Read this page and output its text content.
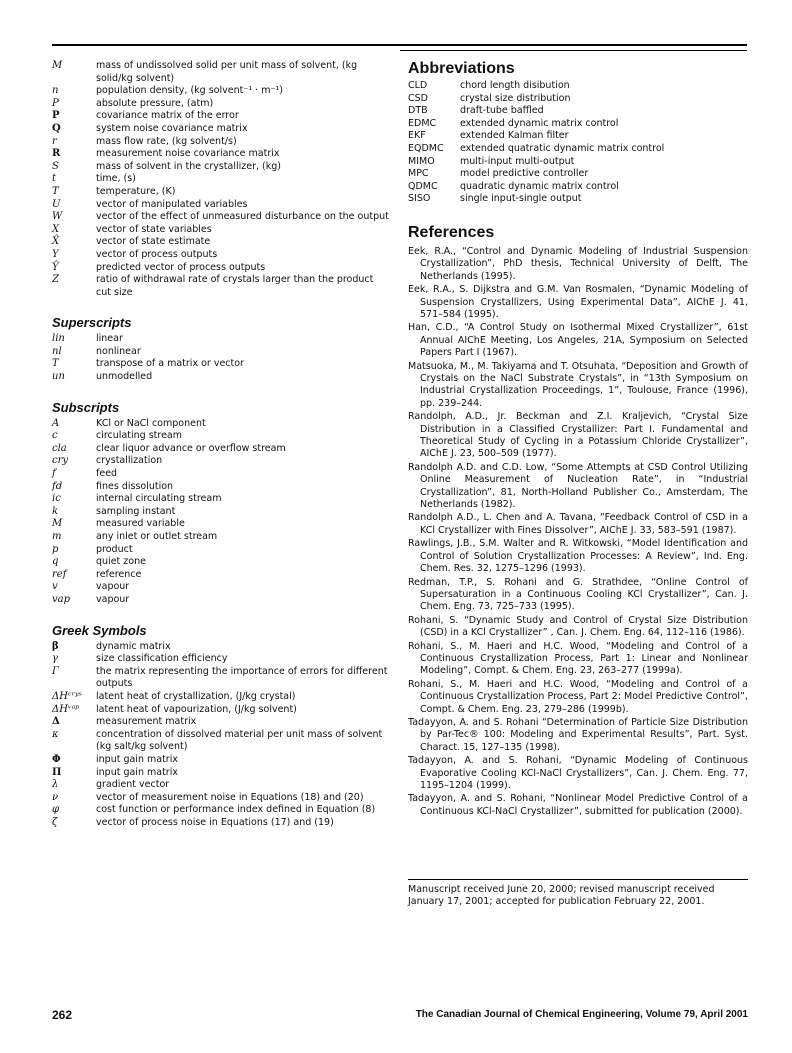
M	mass of undissolved solid per unit mass of solvent, (kg solid/kg solvent)
n	population density, (kg solvent⁻¹ · m⁻¹)
P	absolute pressure, (atm)
P	covariance matrix of the error
Q	system noise covariance matrix
r	mass flow rate, (kg solvent/s)
R	measurement noise covariance matrix
S	mass of solvent in the crystallizer, (kg)
t	time, (s)
T	temperature, (K)
U	vector of manipulated variables
W	vector of the effect of unmeasured disturbance on the output
X	vector of state variables
X̂	vector of state estimate
Y	vector of process outputs
Ŷ	predicted vector of process outputs
Z	ratio of withdrawal rate of crystals larger than the product cut size
Superscripts
lin	linear
nl	nonlinear
T	transpose of a matrix or vector
un	unmodelled
Subscripts
A	KCl or NaCl component
c	circulating stream
cla	clear liquor advance or overflow stream
cry	crystallization
f	feed
fd	fines dissolution
ic	internal circulating stream
k	sampling instant
M	measured variable
m	any inlet or outlet stream
p	product
q	quiet zone
ref	reference
v	vapour
vap	vapour
Greek Symbols
β	dynamic matrix
γ	size classification efficiency
Γ	the matrix representing the importance of errors for different outputs
ΔHᶜʳʸˢ	latent heat of crystallization, (J/kg crystal)
ΔHᵛᵃᵖ	latent heat of vapourization, (J/kg solvent)
Δ	measurement matrix
κ	concentration of dissolved material per unit mass of solvent (kg salt/kg solvent)
Φ	input gain matrix
Π	input gain matrix
λ	gradient vector
ν	vector of measurement noise in Equations (18) and (20)
φ	cost function or performance index defined in Equation (8)
ζ	vector of process noise in Equations (17) and (19)
Abbreviations
CLD	chord length disibution
CSD	crystal size distribution
DTB	draft-tube baffled
EDMC	extended dynamic matrix control
EKF	extended Kalman filter
EQDMC	extended quatratic dynamic matrix control
MIMO	multi-input multi-output
MPC	model predictive controller
QDMC	quadratic dynamic matrix control
SISO	single input-single output
References
Eek, R.A., “Control and Dynamic Modeling of Industrial Suspension Crystallization”, PhD thesis, Technical University of Delft, The Netherlands (1995).
Eek, R.A., S. Dijkstra and G.M. Van Rosmalen, “Dynamic Modeling of Suspension Crystallizers, Using Experimental Data”, AIChE J. 41, 571–584 (1995).
Han, C.D., “A Control Study on Isothermal Mixed Crystallizer”, 61st Annual AIChE Meeting, Los Angeles, 21A, Symposium on Selected Papers Part I (1967).
Matsuoka, M., M. Takiyama and T. Otsuhata, “Deposition and Growth of Crystals on the NaCl Substrate Crystals”, in “13th Symposium on Industrial Crystallization Proceedings, 1”, Toulouse, France (1996), pp. 239–244.
Randolph, A.D., Jr. Beckman and Z.I. Kraljevich, “Crystal Size Distribution in a Classified Crystallizer: Part I. Fundamental and Theoretical Study of Cycling in a Potassium Chloride Crystallizer”, AIChE J. 23, 500–509 (1977).
Randolph A.D. and C.D. Low, “Some Attempts at CSD Control Utilizing Online Measurement of Nucleation Rate”, in “Industrial Crystallization”, 81, North-Holland Publisher Co., Amsterdam, The Netherlands (1982).
Randolph A.D., L. Chen and A. Tavana, “Feedback Control of CSD in a KCl Crystallizer with Fines Dissolver”, AIChE J. 33, 583–591 (1987).
Rawlings, J.B., S.M. Walter and R. Witkowski, “Model Identification and Control of Solution Crystallization Processes: A Review”, Ind. Eng. Chem. Res. 32, 1275–1296 (1993).
Redman, T.P., S. Rohani and G. Strathdee, “Online Control of Supersaturation in a Continuous Cooling KCl Crystallizer”, Can. J. Chem. Eng. 73, 725–733 (1995).
Rohani, S. “Dynamic Study and Control of Crystal Size Distribution (CSD) in a KCl Crystallizer” , Can. J. Chem. Eng. 64, 112–116 (1986).
Rohani, S., M. Haeri and H.C. Wood, “Modeling and Control of a Continuous Crystallization Process, Part 1: Linear and Nonlinear Modeling”, Compt. & Chem. Eng. 23, 263–277 (1999a).
Rohani, S., M. Haeri and H.C. Wood, “Modeling and Control of a Continuous Crystallization Process, Part 2: Model Predictive Control”, Compt. & Chem. Eng. 23, 279–286 (1999b).
Tadayyon, A. and S. Rohani “Determination of Particle Size Distribution by Par-Tec® 100: Modeling and Experimental Results”, Part. Syst. Charact. 15, 127–135 (1998).
Tadayyon, A. and S. Rohani, “Dynamic Modeling of Continuous Evaporative Cooling KCl-NaCl Crystallizers”, Can. J. Chem. Eng. 77, 1195–1204 (1999).
Tadayyon, A. and S. Rohani, “Nonlinear Model Predictive Control of a Continuous KCl-NaCl Crystallizer”, submitted for publication (2000).
Manuscript received June 20, 2000; revised manuscript received January 17, 2001; accepted for publication February 22, 2001.
262	The Canadian Journal of Chemical Engineering, Volume 79, April 2001
